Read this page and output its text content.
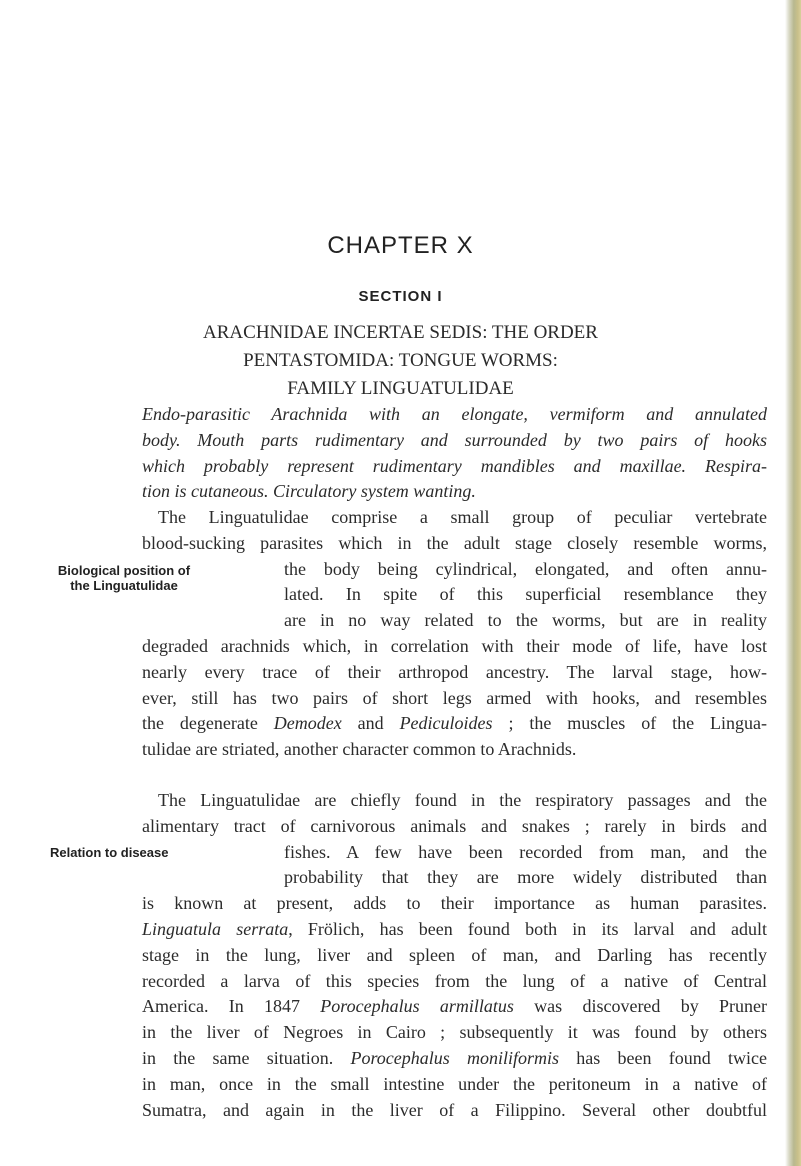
CHAPTER X
SECTION I
ARACHNIDAE INCERTAE SEDIS: THE ORDER
PENTASTOMIDA: TONGUE WORMS:
FAMILY LINGUATULIDAE
Endo-parasitic Arachnida with an elongate, vermiform and annulated
body. Mouth parts rudimentary and surrounded by two pairs of hooks
which probably represent rudimentary mandibles and maxillae. Respira-
tion is cutaneous. Circulatory system wanting.
Biological position of
the Linguatulidae
The Linguatulidae comprise a small group of peculiar vertebrate
blood-sucking parasites which in the adult stage closely resemble worms,
the body being cylindrical, elongated, and often annu-
lated. In spite of this superficial resemblance they
are in no way related to the worms, but are in reality
degraded arachnids which, in correlation with their mode of life, have lost
nearly every trace of their arthropod ancestry. The larval stage, how-
ever, still has two pairs of short legs armed with hooks, and resembles
the degenerate Demodex and Pediculoides ; the muscles of the Lingua-
tulidae are striated, another character common to Arachnids.
Relation to disease
The Linguatulidae are chiefly found in the respiratory passages and the
alimentary tract of carnivorous animals and snakes ; rarely in birds and
fishes. A few have been recorded from man, and the
probability that they are more widely distributed than
is known at present, adds to their importance as human parasites.
Linguatula serrata, Frölich, has been found both in its larval and adult
stage in the lung, liver and spleen of man, and Darling has recently
recorded a larva of this species from the lung of a native of Central
America. In 1847 Porocephalus armillatus was discovered by Pruner
in the liver of Negroes in Cairo ; subsequently it was found by others
in the same situation. Porocephalus moniliformis has been found twice
in man, once in the small intestine under the peritoneum in a native of
Sumatra, and again in the liver of a Filippino. Several other doubtful
